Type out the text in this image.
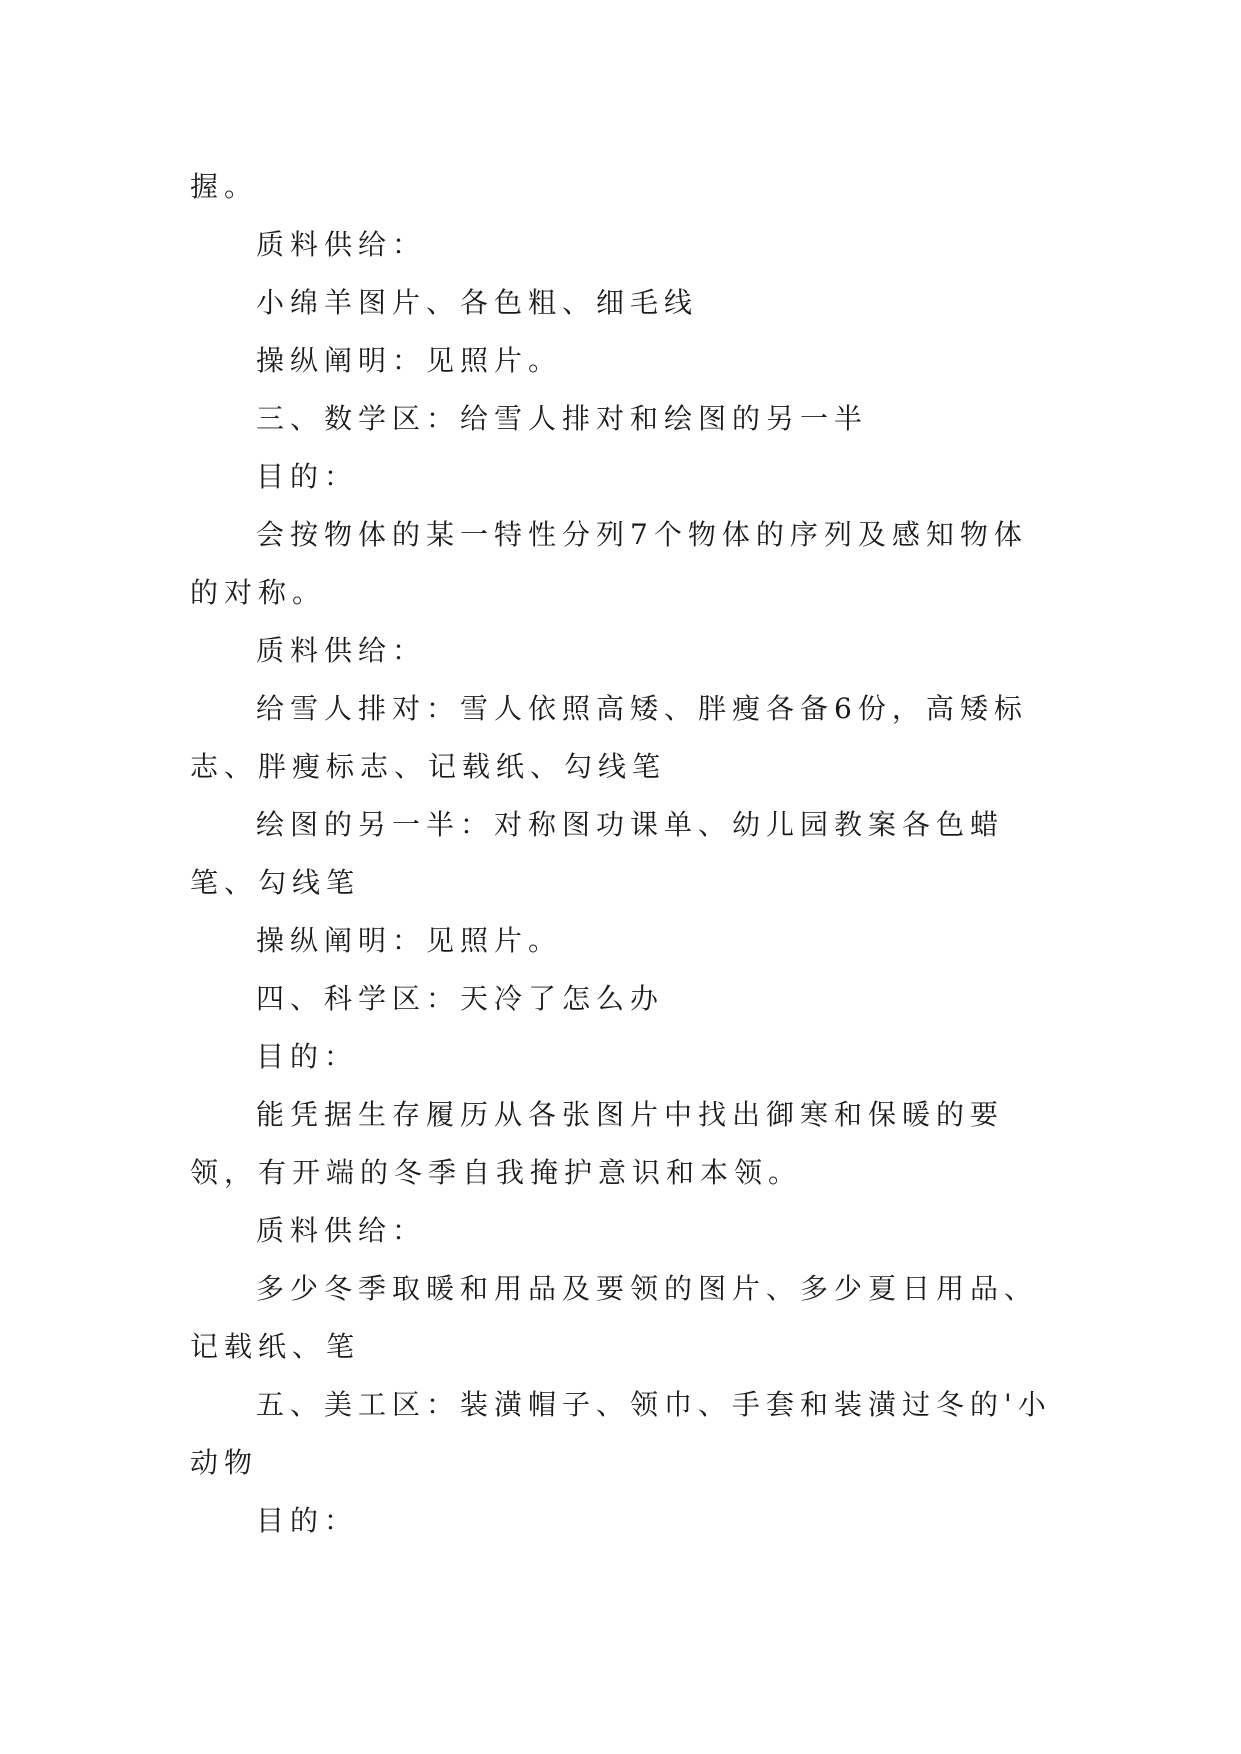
握。

质料供给：

小绵羊图片、各色粗、细毛线

操纵阐明：见照片。

三、数学区：给雪人排对和绘图的另一半

目的：

会按物体的某一特性分列7个物体的序列及感知物体的对称。

质料供给：

给雪人排对：雪人依照高矮、胖瘦各备6份，高矮标志、胖瘦标志、记载纸、勾线笔

绘图的另一半：对称图功课单、幼儿园教案各色蜡笔、勾线笔

操纵阐明：见照片。

四、科学区：天冷了怎么办

目的：

能凭据生存履历从各张图片中找出御寒和保暖的要领，有开端的冬季自我掩护意识和本领。

质料供给：

多少冬季取暖和用品及要领的图片、多少夏日用品、记载纸、笔

五、美工区：装潢帽子、领巾、手套和装潢过冬的'小动物

目的：
